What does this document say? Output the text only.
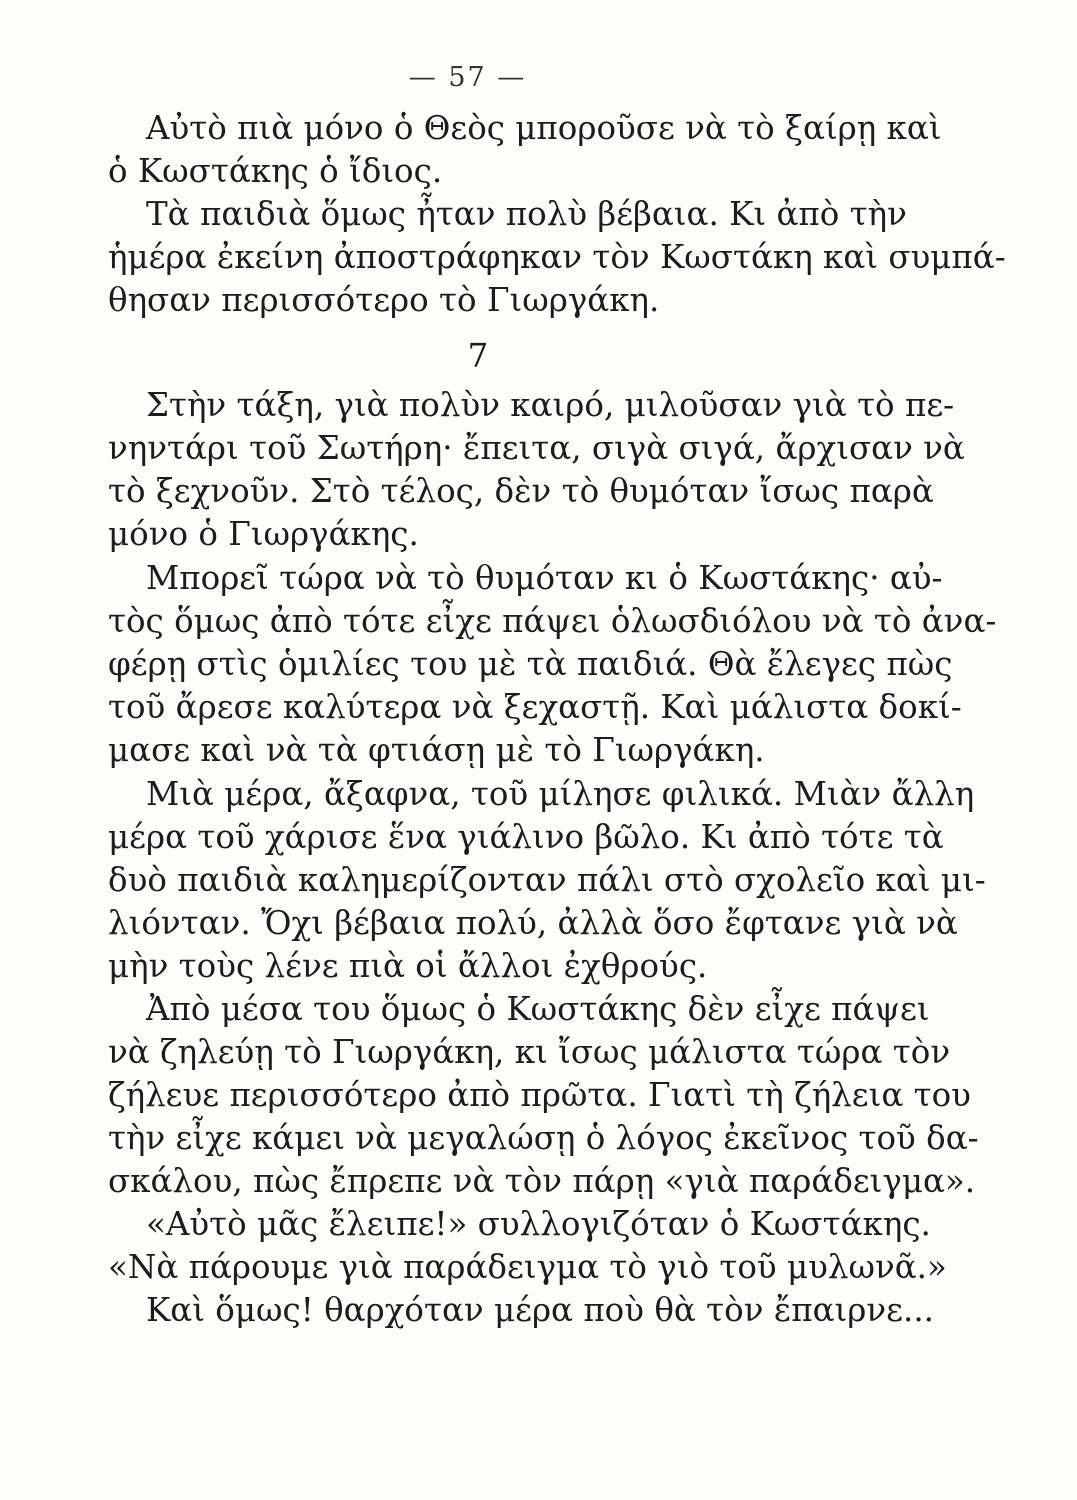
— 57 —
Αὐτὸ πιὰ μόνο ὁ Θεὸς μποροῦσε νὰ τὸ ξαίρῃ καὶ
ὁ Κωστάκης ὁ ἴδιος.
Τὰ παιδιὰ ὅμως ἦταν πολὺ βέβαια. Κι ἀπὸ τὴν
ἡμέρα ἐκείνη ἀποστράφηκαν τὸν Κωστάκη καὶ συμπά-
θησαν περισσότερο τὸ Γιωργάκη.
7
Στὴν τάξη, γιὰ πολὺν καιρό, μιλοῦσαν γιὰ τὸ πε-
νηντάρι τοῦ Σωτήρη· ἔπειτα, σιγὰ σιγά, ἄρχισαν νὰ
τὸ ξεχνοῦν. Στὸ τέλος, δὲν τὸ θυμόταν ἴσως παρὰ
μόνο ὁ Γιωργάκης.
Μπορεῖ τώρα νὰ τὸ θυμόταν κι ὁ Κωστάκης· αὐ-
τὸς ὅμως ἀπὸ τότε εἶχε πάψει ὁλωσδιόλου νὰ τὸ ἀνα-
φέρῃ στὶς ὁμιλίες του μὲ τὰ παιδιά. Θὰ ἔλεγες πὼς
τοῦ ἄρεσε καλύτερα νὰ ξεχαστῇ. Καὶ μάλιστα δοκί-
μασε καὶ νὰ τὰ φτιάσῃ μὲ τὸ Γιωργάκη.
Μιὰ μέρα, ἄξαφνα, τοῦ μίλησε φιλικά. Μιὰν ἄλλη
μέρα τοῦ χάρισε ἕνα γιάλινο βῶλο. Κι ἀπὸ τότε τὰ
δυὸ παιδιὰ καλημερίζονταν πάλι στὸ σχολεῖο καὶ μι-
λιόνταν. Ὄχι βέβαια πολύ, ἀλλὰ ὅσο ἔφτανε γιὰ νὰ
μὴν τοὺς λένε πιὰ οἱ ἄλλοι ἐχθρούς.
Ἀπὸ μέσα του ὅμως ὁ Κωστάκης δὲν εἶχε πάψει
νὰ ζηλεύῃ τὸ Γιωργάκη, κι ἴσως μάλιστα τώρα τὸν
ζήλευε περισσότερο ἀπὸ πρῶτα. Γιατὶ τὴ ζήλεια του
τὴν εἶχε κάμει νὰ μεγαλώσῃ ὁ λόγος ἐκεῖνος τοῦ δα-
σκάλου, πὼς ἔπρεπε νὰ τὸν πάρῃ «γιὰ παράδειγμα».
«Αὐτὸ μᾶς ἔλειπε!» συλλογιζόταν ὁ Κωστάκης.
«Νὰ πάρουμε γιὰ παράδειγμα τὸ γιὸ τοῦ μυλωνᾶ.»
Καὶ ὅμως! θαρχόταν μέρα ποὺ θὰ τὸν ἔπαιρνε...
